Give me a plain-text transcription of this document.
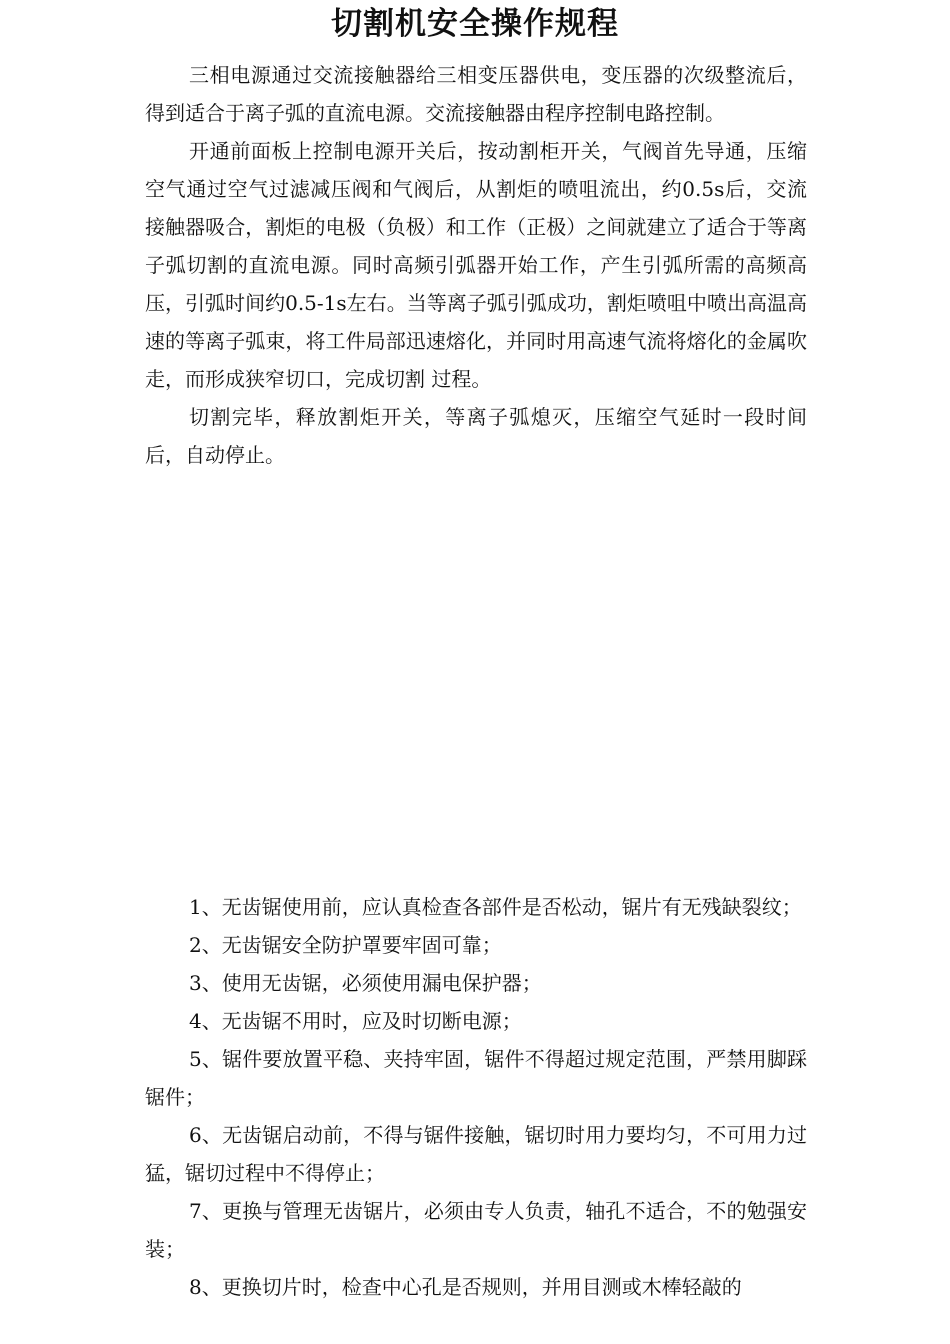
切割机安全操作规程

三相电源通过交流接触器给三相变压器供电，变压器的次级整流后，得到适合于离子弧的直流电源。交流接触器由程序控制电路控制。

开通前面板上控制电源开关后，按动割柜开关，气阀首先导通，压缩空气通过空气过滤减压阀和气阀后，从割炬的喷咀流出，约0.5s后，交流接触器吸合，割炬的电极（负极）和工作（正极）之间就建立了适合于等离子弧切割的直流电源。同时高频引弧器开始工作，产生引弧所需的高频高压，引弧时间约0.5-1s左右。当等离子弧引弧成功，割炬喷咀中喷出高温高速的等离子弧束，将工件局部迅速熔化，并同时用高速气流将熔化的金属吹走，而形成狭窄切口，完成切割 过程。

切割完毕，释放割炬开关，等离子弧熄灭，压缩空气延时一段时间后，自动停止。

1、无齿锯使用前，应认真检查各部件是否松动，锯片有无残缺裂纹；

2、无齿锯安全防护罩要牢固可靠；

3、使用无齿锯，必须使用漏电保护器；

4、无齿锯不用时，应及时切断电源；

5、锯件要放置平稳、夹持牢固，锯件不得超过规定范围，严禁用脚踩锯件；

6、无齿锯启动前，不得与锯件接触，锯切时用力要均匀，不可用力过猛，锯切过程中不得停止；

7、更换与管理无齿锯片，必须由专人负责，轴孔不适合，不的勉强安装；

8、更换切片时，检查中心孔是否规则，并用目测或木棒轻敲的
